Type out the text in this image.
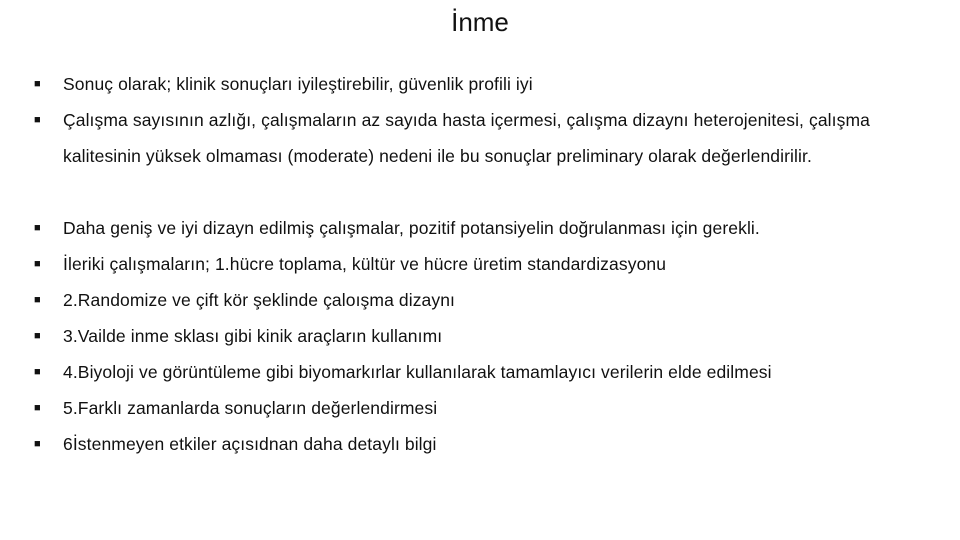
İnme
■
Sonuç olarak; klinik sonuçları iyileştirebilir, güvenlik profili iyi
■
Çalışma sayısının azlığı, çalışmaların az sayıda hasta içermesi, çalışma dizaynı heterojenitesi, çalışma kalitesinin yüksek olmaması (moderate) nedeni ile bu sonuçlar preliminary olarak değerlendirilir.
■
Daha geniş ve iyi dizayn edilmiş çalışmalar, pozitif potansiyelin doğrulanması için gerekli.
■
İleriki çalışmaların; 1.hücre toplama, kültür ve hücre üretim standardizasyonu
■
2.Randomize ve çift kör şeklinde çaloışma dizaynı
■
3.Vailde inme sklası gibi kinik araçların kullanımı
■
4.Biyoloji ve görüntüleme gibi biyomarkırlar kullanılarak tamamlayıcı verilerin elde edilmesi
■
5.Farklı zamanlarda sonuçların değerlendirmesi
■
6İstenmeyen etkiler açısıdnan daha detaylı bilgi
